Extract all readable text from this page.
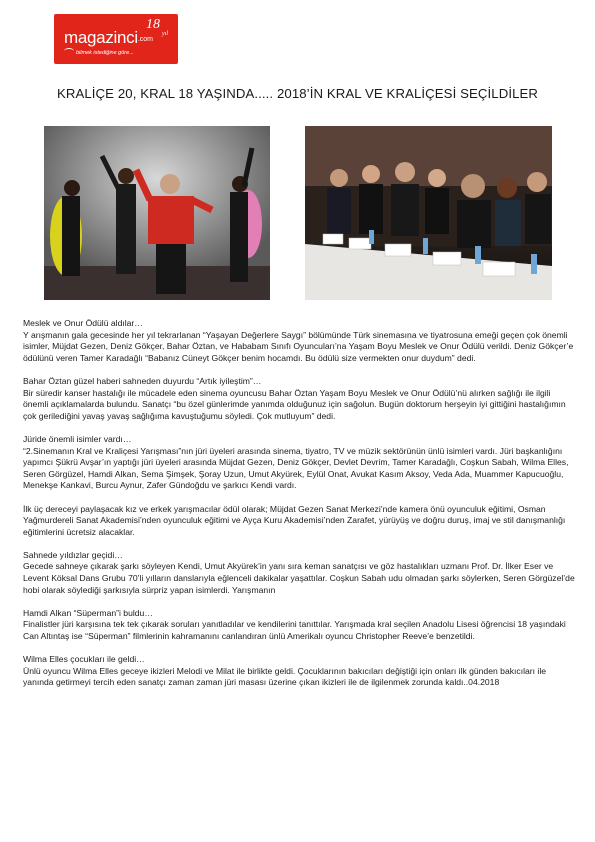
magazinci.com
bilmek istediğine göre...
18
yıl
KRALİÇE 20, KRAL 18 YAŞINDA..... 2018’İN KRAL VE KRALİÇESİ SEÇİLDİLER

Meslek ve Onur Ödülü aldılar…

Y arışmanın gala gecesinde her yıl tekrarlanan “Yaşayan Değerlere Saygı” bölümünde Türk sinemasına ve tiyatrosuna emeği geçen çok önemli isimler, Müjdat Gezen, Deniz Gökçer, Bahar Öztan, ve Hababam Sınıfı Oyuncuları’na Yaşam Boyu Meslek ve Onur Ödülü verildi. Deniz Gökçer’e ödülünü veren Tamer Karadağlı “Babanız Cüneyt Gökçer benim hocamdı. Bu ödülü size vermekten onur duydum” dedi.

Bahar Öztan güzel haberi sahneden duyurdu “Artık iyileştim”…

Bir süredir kanser hastalığı ile mücadele eden sinema oyuncusu Bahar Öztan Yaşam Boyu Meslek ve Onur Ödülü’nü alırken sağlığı ile ilgili önemli açıklamalarda bulundu. Sanatçı “bu özel günlerimde yanımda olduğunuz için sağolun. Bugün doktorum herşeyin iyi gittiğini hastalığımın çok gerilediğini yavaş yavaş sağlığıma kavuştuğumu söyledi. Çok mutluyum” dedi.

Jüride önemli isimler vardı…

“2.Sinemanın Kral ve Kraliçesi Yarışması”nın jüri üyeleri arasında sinema, tiyatro, TV ve müzik sektörünün ünlü isimleri vardı. Jüri başkanlığını yapımcı Şükrü Avşar’ın yaptığı jüri üyeleri arasında Müjdat Gezen, Deniz Gökçer, Devlet Devrim, Tamer Karadağlı, Coşkun Sabah, Wilma Elles, Seren Görgüzel, Hamdi Alkan, Sema Şimşek, Şoray Uzun, Umut Akyürek, Eylül Onat, Avukat Kasım Aksoy, Veda Ada, Muammer Kapucuoğlu, Menekşe Kankavi, Burcu Aynur, Zafer Gündoğdu ve şarkıcı Kendi vardı.

İlk üç dereceyi paylaşacak kız ve erkek yarışmacılar ödül olarak; Müjdat Gezen Sanat Merkezi’nde kamera önü oyunculuk eğitimi, Osman Yağmurdereli Sanat Akademisi’nden oyunculuk eğitimi ve Ayça Kuru Akademisi’nden Zarafet, yürüyüş ve doğru duruş, imaj ve stil danışmanlığı eğitimlerini ücretsiz alacaklar.

Sahnede yıldızlar geçidi…

Gecede sahneye çıkarak şarkı söyleyen Kendi, Umut Akyürek’in yanı sıra keman sanatçısı ve göz hastalıkları uzmanı Prof. Dr. İlker Eser ve Levent Köksal Dans Grubu 70’li yılların danslarıyla eğlenceli dakikalar yaşattılar. Coşkun Sabah udu olmadan şarkı söylerken, Seren Görgüzel’de hobi olarak söylediği şarkısıyla sürpriz yapan isimlerdi. Yarışmanın

Hamdi Alkan “Süperman”i buldu…

Finalistler jüri karşısına tek tek çıkarak soruları yanıtladılar ve kendilerini tanıttılar. Yarışmada kral seçilen Anadolu Lisesi öğrencisi 18 yaşındaki Can Altıntaş ise “Süperman” filmlerinin kahramanını canlandıran ünlü Amerikalı oyuncu Christopher Reeve’e benzetildi.

Wilma Elles çocukları ile geldi…

Ünlü oyuncu Wilma Elles geceye ikizleri Melodi ve Milat ile birlikte geldi. Çocuklarının bakıcıları değiştiği için onları ilk günden bakıcıları ile yanında getirmeyi tercih eden sanatçı zaman zaman jüri masası üzerine çıkan ikizleri ile de ilgilenmek zorunda kaldı..04.2018
